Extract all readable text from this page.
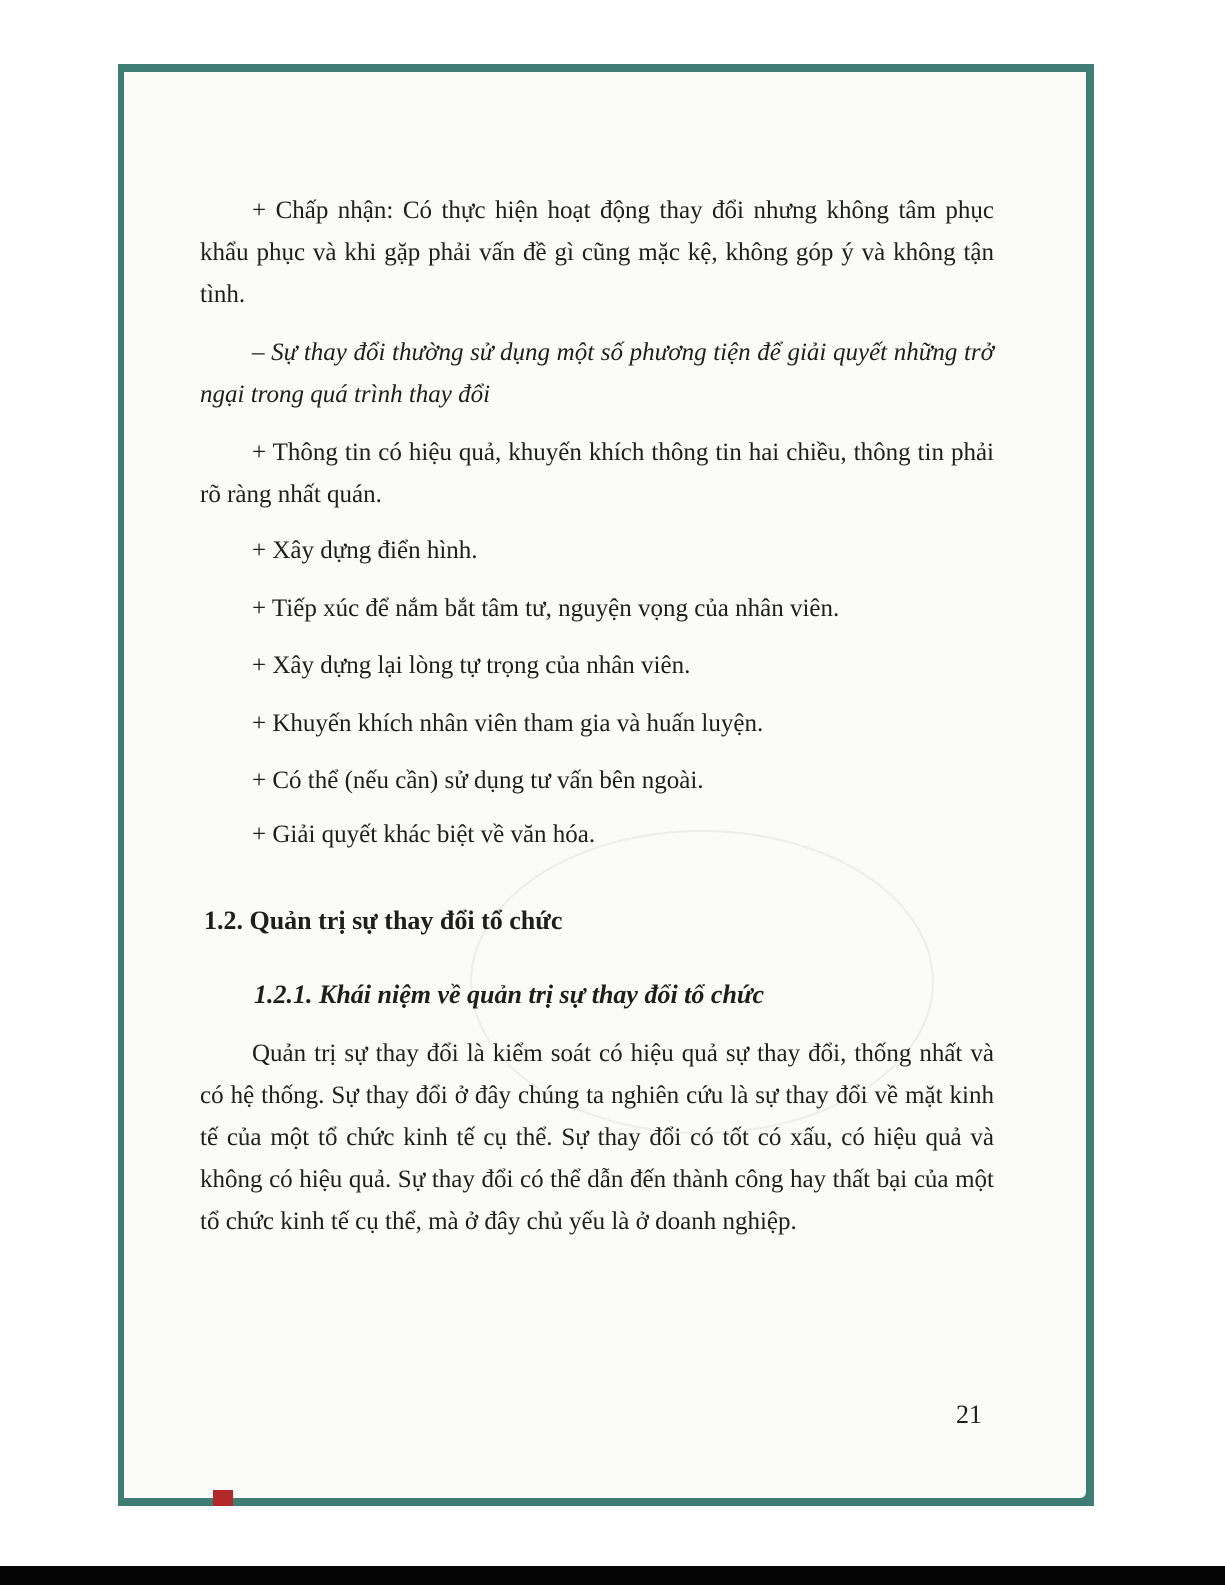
+ Chấp nhận: Có thực hiện hoạt động thay đổi nhưng không tâm phục khẩu phục và khi gặp phải vấn đề gì cũng mặc kệ, không góp ý và không tận tình.

– Sự thay đổi thường sử dụng một số phương tiện để giải quyết những trở ngại trong quá trình thay đổi

+ Thông tin có hiệu quả, khuyến khích thông tin hai chiều, thông tin phải rõ ràng nhất quán.

+ Xây dựng điển hình.

+ Tiếp xúc để nắm bắt tâm tư, nguyện vọng của nhân viên.

+ Xây dựng lại lòng tự trọng của nhân viên.

+ Khuyến khích nhân viên tham gia và huấn luyện.

+ Có thể (nếu cần) sử dụng tư vấn bên ngoài.

+ Giải quyết khác biệt về văn hóa.

1.2. Quản trị sự thay đổi tổ chức

1.2.1. Khái niệm về quản trị sự thay đổi tổ chức

Quản trị sự thay đổi là kiểm soát có hiệu quả sự thay đổi, thống nhất và có hệ thống. Sự thay đổi ở đây chúng ta nghiên cứu là sự thay đổi về mặt kinh tế của một tổ chức kinh tế cụ thể. Sự thay đổi có tốt có xấu, có hiệu quả và không có hiệu quả. Sự thay đổi có thể dẫn đến thành công hay thất bại của một tổ chức kinh tế cụ thể, mà ở đây chủ yếu là ở doanh nghiệp.

21
